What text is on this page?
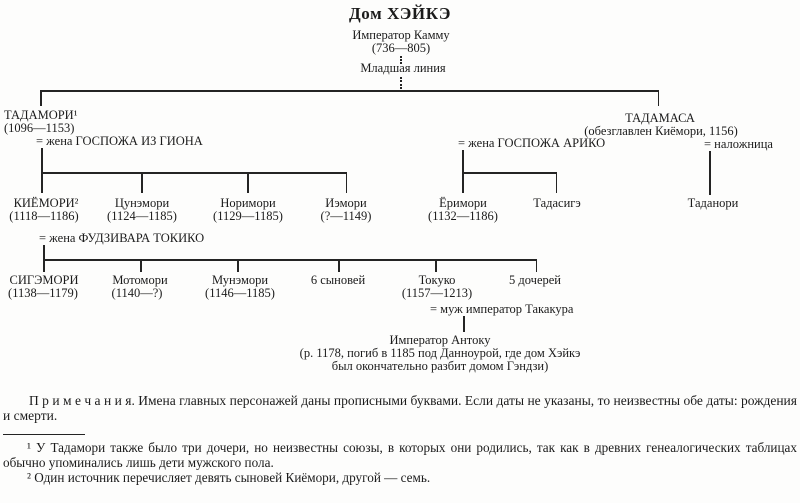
Дом ХЭЙКЭ
Император Камму
(736—805)
Младшая линия
ТАДАМОРИ¹
(1096—1153)
= жена ГОСПОЖА ИЗ ГИОНА
ТАДАМАСА
(обезглавлен Киёмори, 1156)
= наложница
Таданори
= жена ГОСПОЖА АРИКО
Ёримори
(1132—1186)
Тадасигэ
КИЁМОРИ²
(1118—1186)
Цунэмори
(1124—1185)
Норимори
(1129—1185)
Иэмори
(?—1149)
= жена ФУДЗИВАРА ТОКИКО
СИГЭМОРИ
(1138—1179)
Мотомори
(1140—?)
Мунэмори
(1146—1185)
6 сыновей	Токуко
(1157—1213)
5 дочерей
= муж император Такакура
Император Антоку
(р. 1178, погиб в 1185 под Данноурой, где дом Хэйкэ
был окончательно разбит домом Гэндзи)

П р и м е ч а н и я. Имена главных персонажей даны прописными буквами. Если даты не указаны, то неизвестны обе даты: рождения и смерти.

¹ У Тадамори также было три дочери, но неизвестны союзы, в которых они родились, так как в древних генеалогических таблицах обычно упоминались лишь дети мужского пола.

² Один источник перечисляет девять сыновей Киёмори, другой — семь.
